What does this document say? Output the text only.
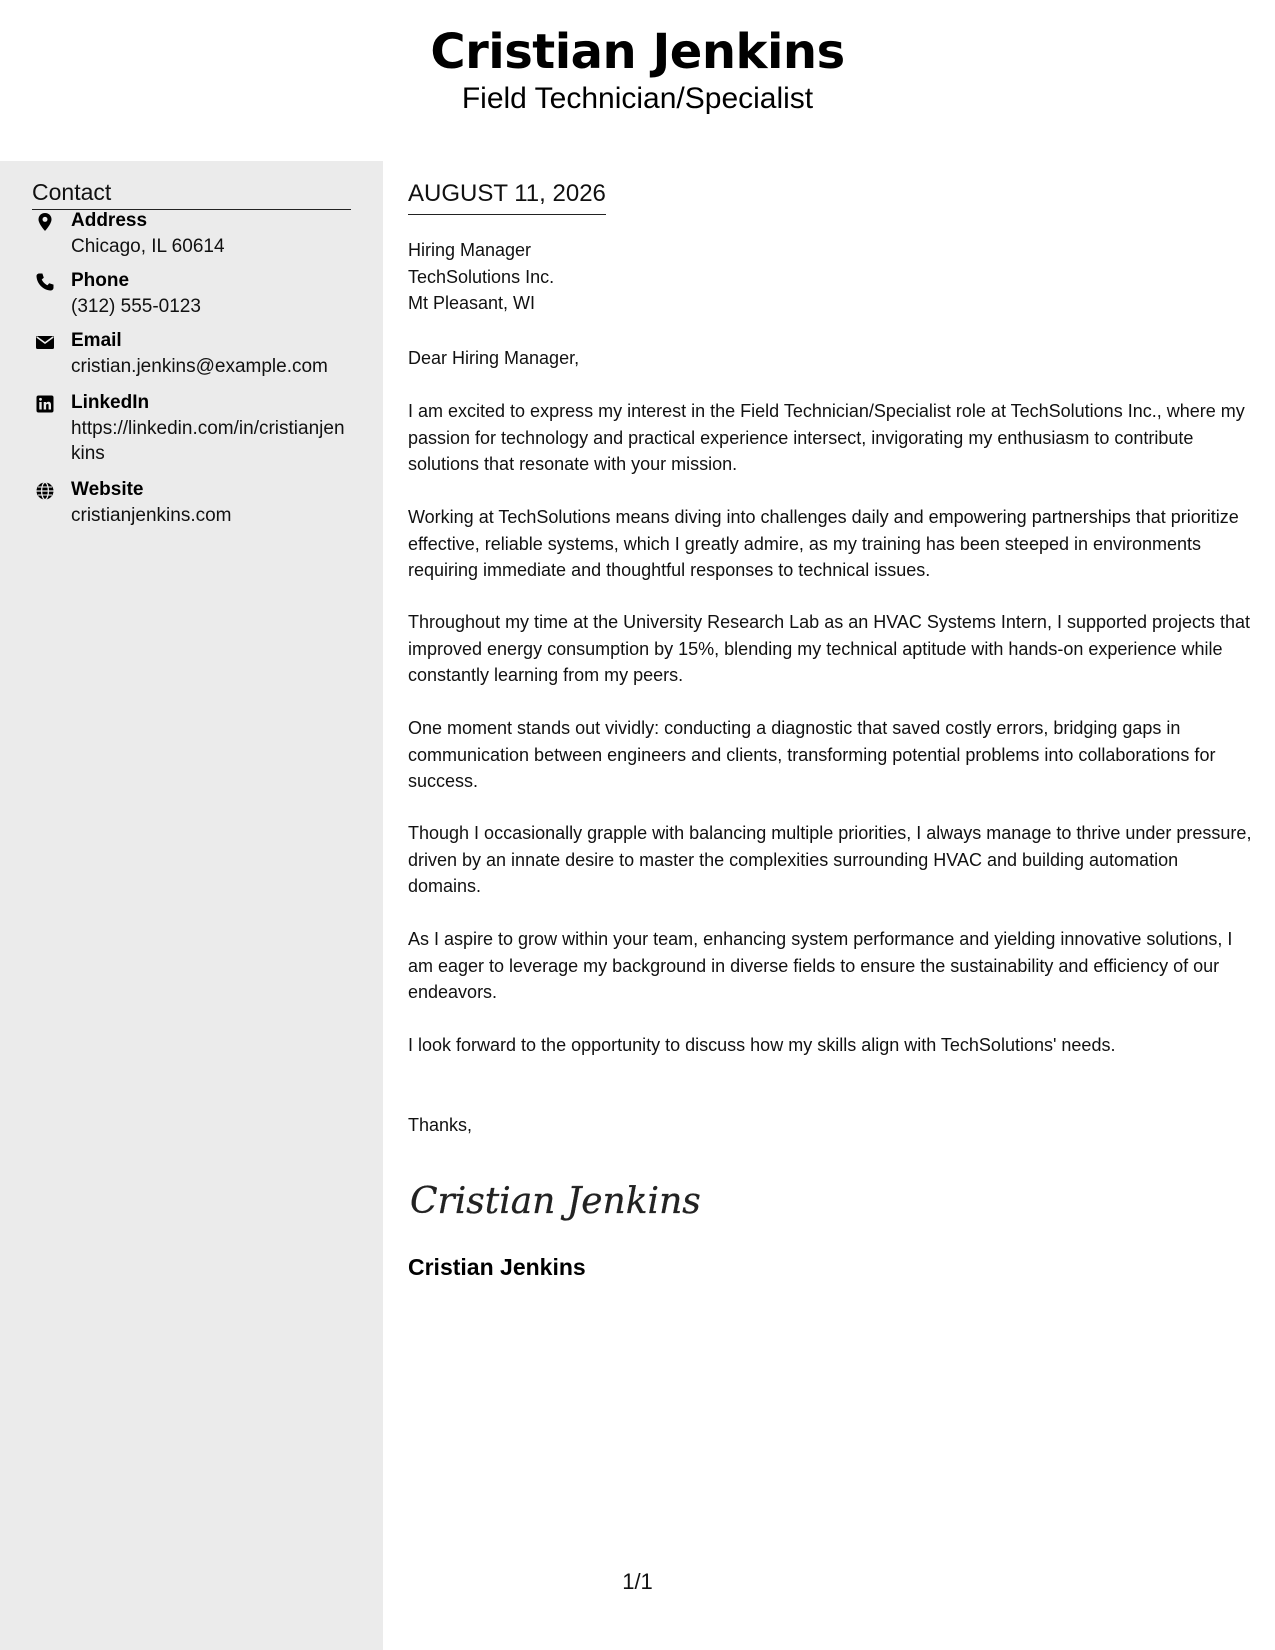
Cristian Jenkins
Field Technician/Specialist
Contact
Address
Chicago, IL 60614
Phone
(312) 555-0123
Email
cristian.jenkins@example.com
LinkedIn
https://linkedin.com/in/cristianjenkins
Website
cristianjenkins.com
AUGUST 11, 2026
Hiring Manager
TechSolutions Inc.
Mt Pleasant, WI
Dear Hiring Manager,
I am excited to express my interest in the Field Technician/Specialist role at TechSolutions Inc., where my passion for technology and practical experience intersect, invigorating my enthusiasm to contribute solutions that resonate with your mission.
Working at TechSolutions means diving into challenges daily and empowering partnerships that prioritize effective, reliable systems, which I greatly admire, as my training has been steeped in environments requiring immediate and thoughtful responses to technical issues.
Throughout my time at the University Research Lab as an HVAC Systems Intern, I supported projects that improved energy consumption by 15%, blending my technical aptitude with hands-on experience while constantly learning from my peers.
One moment stands out vividly: conducting a diagnostic that saved costly errors, bridging gaps in communication between engineers and clients, transforming potential problems into collaborations for success.
Though I occasionally grapple with balancing multiple priorities, I always manage to thrive under pressure, driven by an innate desire to master the complexities surrounding HVAC and building automation domains.
As I aspire to grow within your team, enhancing system performance and yielding innovative solutions, I am eager to leverage my background in diverse fields to ensure the sustainability and efficiency of our endeavors.
I look forward to the opportunity to discuss how my skills align with TechSolutions' needs.
Thanks,
Cristian Jenkins
Cristian Jenkins
1/1
